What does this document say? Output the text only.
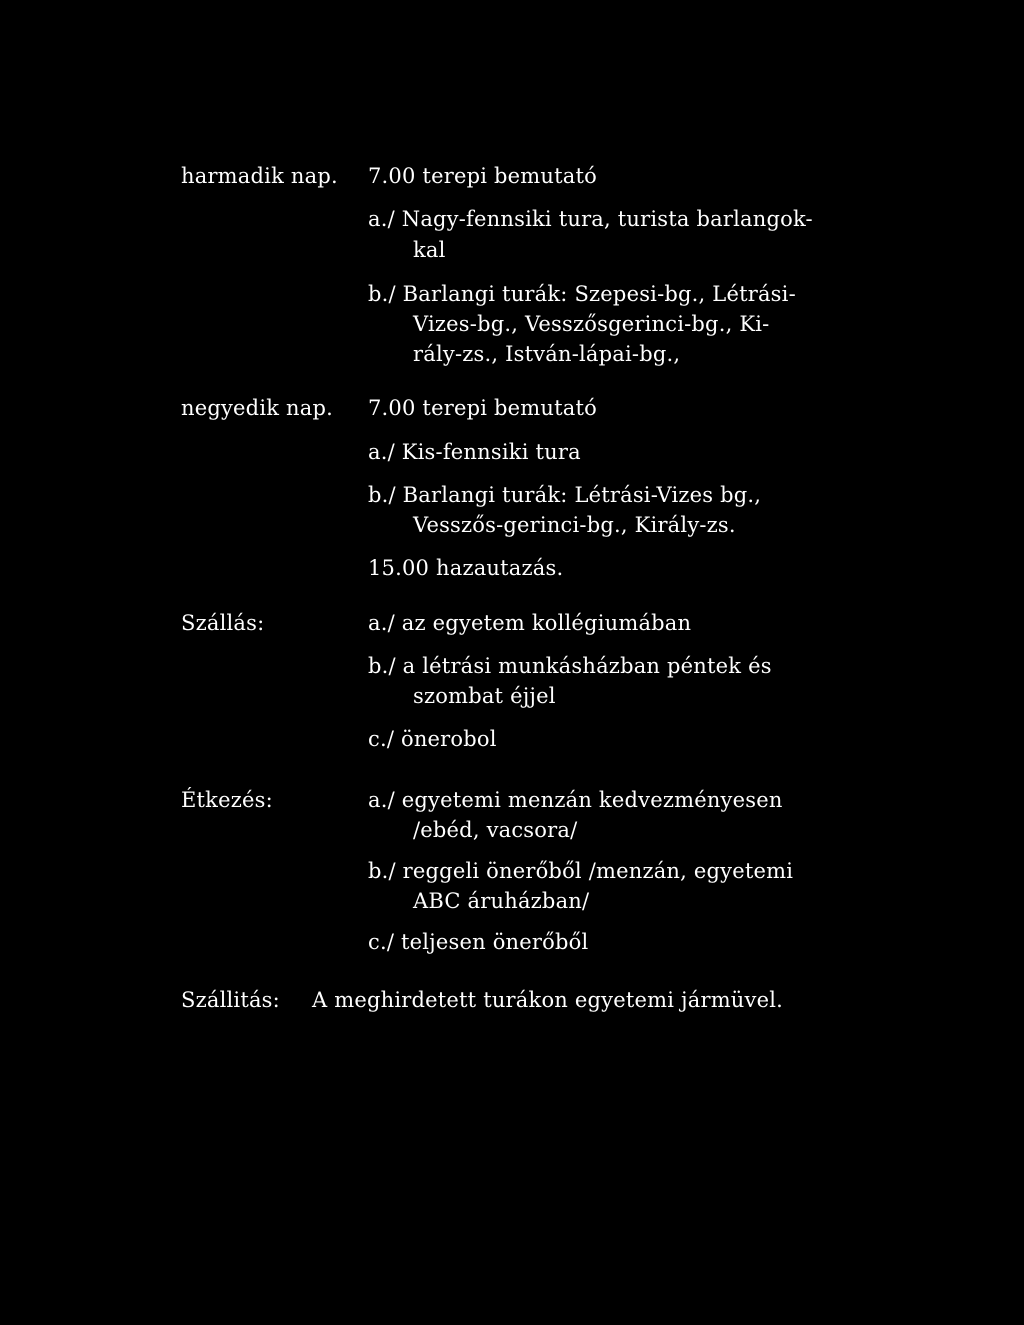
harmadik nap. 7.00 terepi bemutató
a./ Nagy-fennsiki tura, turista barlangok-
kal
b./ Barlangi turák: Szepesi-bg., Létrási-
Vizes-bg., Vesszősgerinci-bg., Ki-
rály-zs., István-lápai-bg.,
negyedik nap. 7.00 terepi bemutató
a./ Kis-fennsiki tura
b./ Barlangi turák: Létrási-Vizes bg.,
Vesszős-gerinci-bg., Király-zs.
15.00 hazautazás.
Szállás:	a./ az egyetem kollégiumában
b./ a létrási munkásházban péntek és
szombat éjjel
c./ önerobol
Étkezés:	a./ egyetemi menzán kedvezményesen
/ebéd, vacsora/
b./ reggeli önerőből /menzán, egyetemi
ABC áruházban/
c./ teljesen önerőből
Szállitás: A meghirdetett turákon egyetemi jármüvel.
